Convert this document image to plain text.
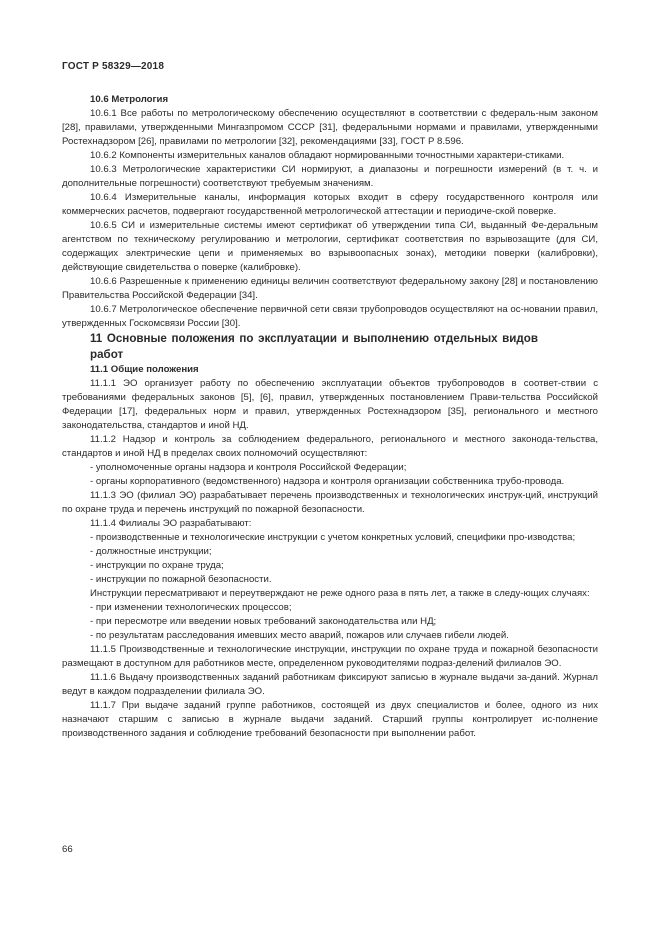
ГОСТ Р 58329—2018

10.6 Метрология

10.6.1 Все работы по метрологическому обеспечению осуществляют в соответствии с федераль-ным законом [28], правилами, утвержденными Мингазпромом СССР [31], федеральными нормами и правилами, утвержденными Ростехнадзором [26], правилами по метрологии [32], рекомендациями [33], ГОСТ Р 8.596.

10.6.2 Компоненты измерительных каналов обладают нормированными точностными характери-стиками.

10.6.3 Метрологические характеристики СИ нормируют, а диапазоны и погрешности измерений (в т. ч. и дополнительные погрешности) соответствуют требуемым значениям.

10.6.4 Измерительные каналы, информация которых входит в сферу государственного контроля или коммерческих расчетов, подвергают государственной метрологической аттестации и периодиче-ской поверке.

10.6.5 СИ и измерительные системы имеют сертификат об утверждении типа СИ, выданный Фе-деральным агентством по техническому регулированию и метрологии, сертификат соответствия по взрывозащите (для СИ, содержащих электрические цепи и применяемых во взрывоопасных зонах), методики поверки (калибровки), действующие свидетельства о поверке (калибровке).

10.6.6 Разрешенные к применению единицы величин соответствуют федеральному закону [28] и постановлению Правительства Российской Федерации [34].

10.6.7 Метрологическое обеспечение первичной сети связи трубопроводов осуществляют на ос-новании правил, утвержденных Госкомсвязи России [30].

11 Основные положения по эксплуатации и выполнению отдельных видов работ

11.1 Общие положения

11.1.1 ЭО организует работу по обеспечению эксплуатации объектов трубопроводов в соответ-ствии с требованиями федеральных законов [5], [6], правил, утвержденных постановлением Прави-тельства Российской Федерации [17], федеральных норм и правил, утвержденных Ростехнадзором [35], регионального и местного законодательства, стандартов и иной НД.

11.1.2 Надзор и контроль за соблюдением федерального, регионального и местного законода-тельства, стандартов и иной НД в пределах своих полномочий осуществляют:

- уполномоченные органы надзора и контроля Российской Федерации;

- органы корпоративного (ведомственного) надзора и контроля организации собственника трубо-провода.

11.1.3 ЭО (филиал ЭО) разрабатывает перечень производственных и технологических инструк-ций, инструкций по охране труда и перечень инструкций по пожарной безопасности.

11.1.4 Филиалы ЭО разрабатывают:

- производственные и технологические инструкции с учетом конкретных условий, специфики про-изводства;

- должностные инструкции;

- инструкции по охране труда;

- инструкции по пожарной безопасности.

Инструкции пересматривают и переутверждают не реже одного раза в пять лет, а также в следу-ющих случаях:

- при изменении технологических процессов;

- при пересмотре или введении новых требований законодательства или НД;

- по результатам расследования имевших место аварий, пожаров или случаев гибели людей.

11.1.5 Производственные и технологические инструкции, инструкции по охране труда и пожарной безопасности размещают в доступном для работников месте, определенном руководителями подраз-делений филиалов ЭО.

11.1.6 Выдачу производственных заданий работникам фиксируют записью в журнале выдачи за-даний. Журнал ведут в каждом подразделении филиала ЭО.

11.1.7 При выдаче заданий группе работников, состоящей из двух специалистов и более, одного из них назначают старшим с записью в журнале выдачи заданий. Старший группы контролирует ис-полнение производственного задания и соблюдение требований безопасности при выполнении работ.

66
